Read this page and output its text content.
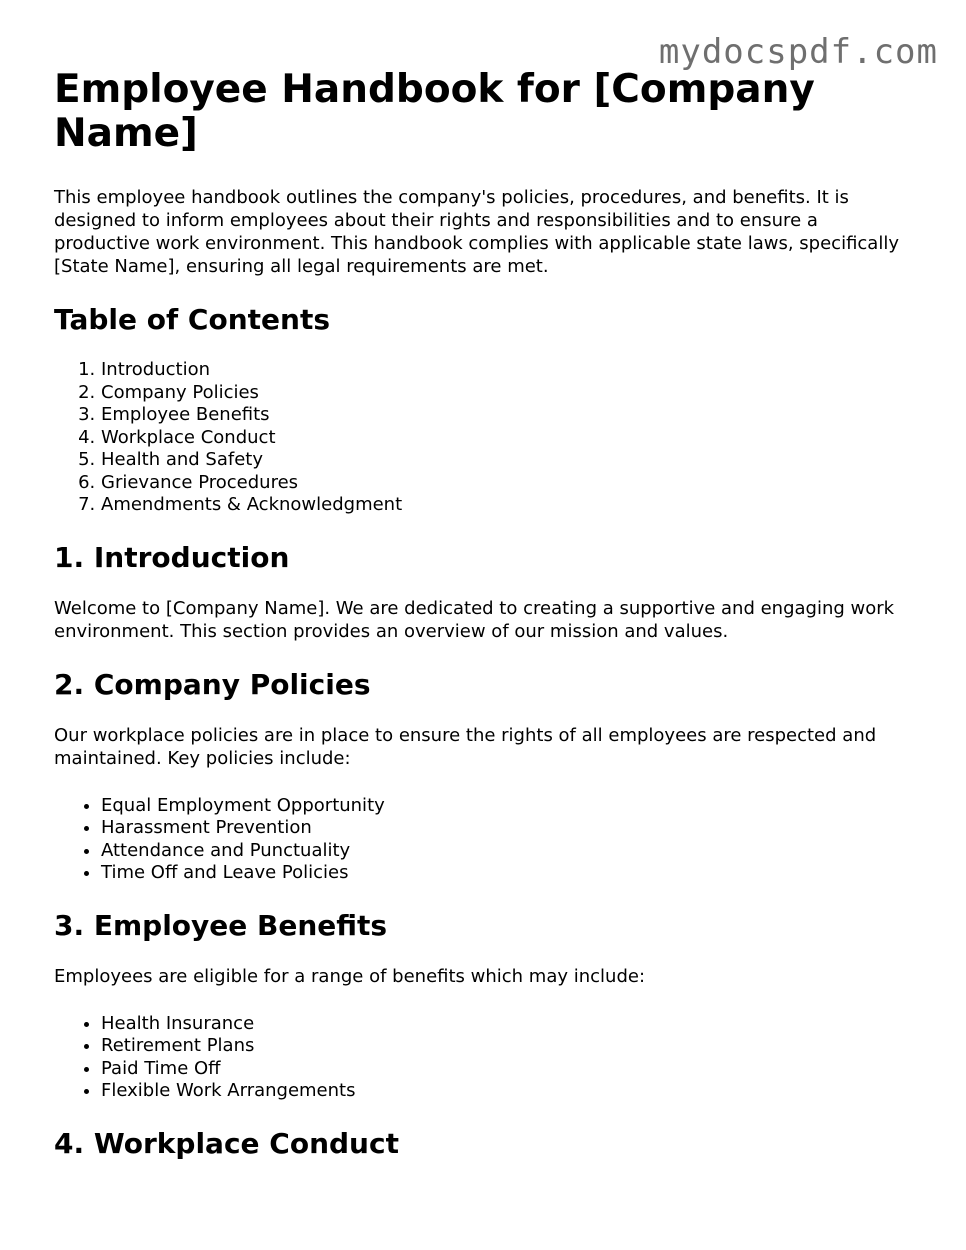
mydocspdf.com
Employee Handbook for [Company Name]

This employee handbook outlines the company's policies, procedures, and benefits. It is designed to inform employees about their rights and responsibilities and to ensure a productive work environment. This handbook complies with applicable state laws, specifically [State Name], ensuring all legal requirements are met.

Table of Contents
1. Introduction
2. Company Policies
3. Employee Benefits
4. Workplace Conduct
5. Health and Safety
6. Grievance Procedures
7. Amendments & Acknowledgment
1. Introduction

Welcome to [Company Name]. We are dedicated to creating a supportive and engaging work environment. This section provides an overview of our mission and values.

2. Company Policies

Our workplace policies are in place to ensure the rights of all employees are respected and maintained. Key policies include:

• Equal Employment Opportunity
• Harassment Prevention
• Attendance and Punctuality
• Time Off and Leave Policies
3. Employee Benefits

Employees are eligible for a range of benefits which may include:

• Health Insurance
• Retirement Plans
• Paid Time Off
• Flexible Work Arrangements
4. Workplace Conduct
